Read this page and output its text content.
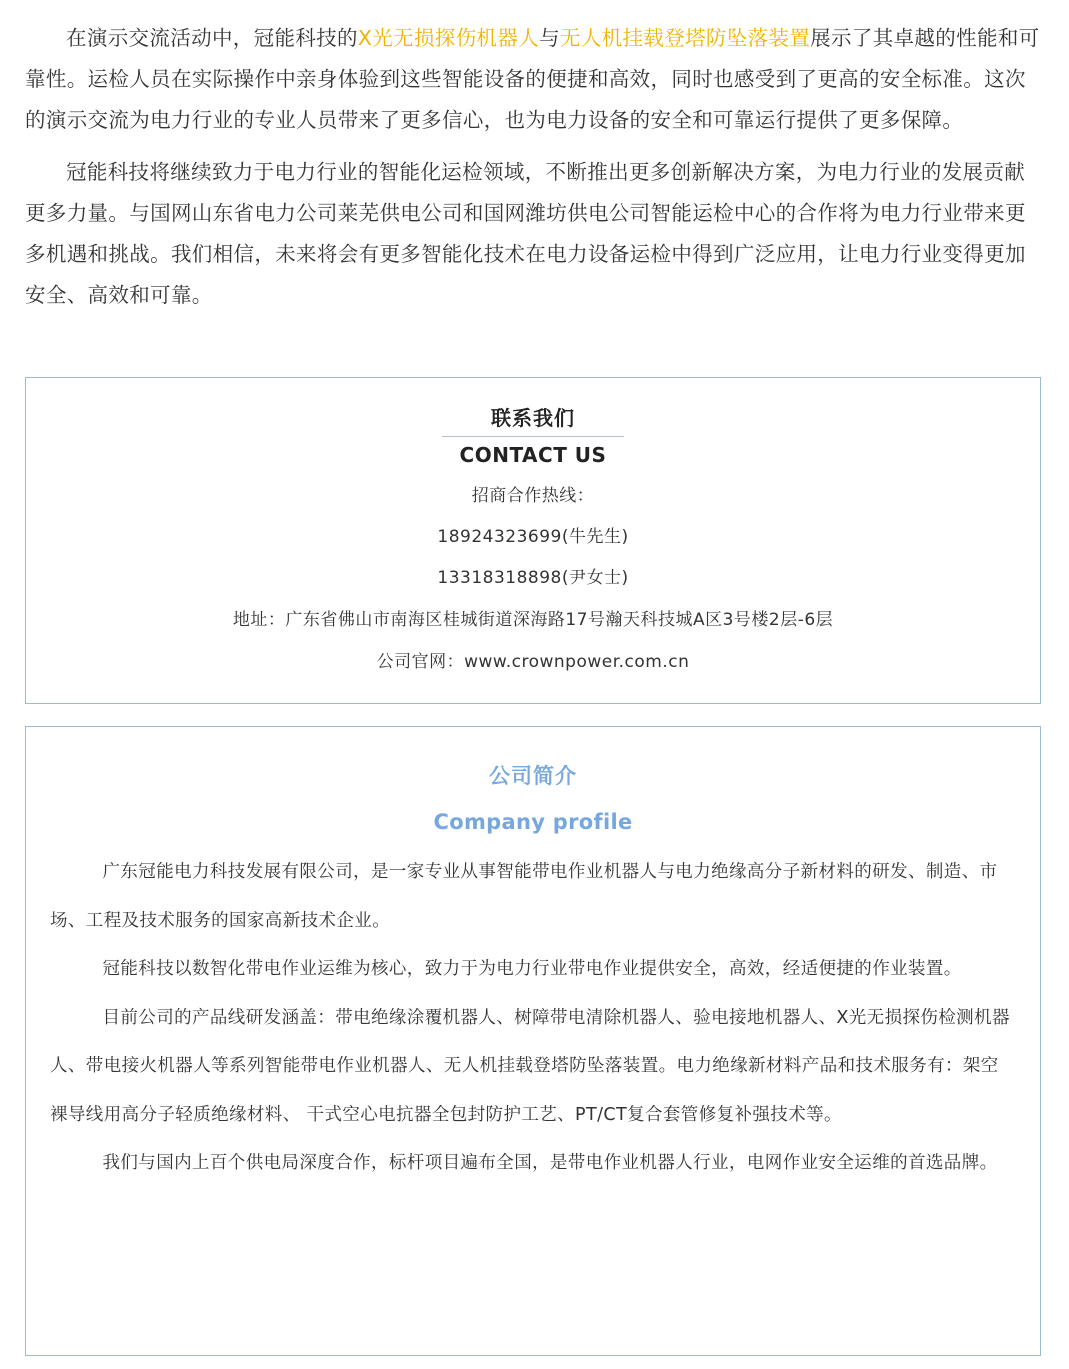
在演示交流活动中，冠能科技的X光无损探伤机器人与无人机挂载登塔防坠落装置展示了其卓越的性能和可靠性。运检人员在实际操作中亲身体验到这些智能设备的便捷和高效，同时也感受到了更高的安全标准。这次的演示交流为电力行业的专业人员带来了更多信心，也为电力设备的安全和可靠运行提供了更多保障。

冠能科技将继续致力于电力行业的智能化运检领域，不断推出更多创新解决方案，为电力行业的发展贡献更多力量。与国网山东省电力公司莱芜供电公司和国网潍坊供电公司智能运检中心的合作将为电力行业带来更多机遇和挑战。我们相信，未来将会有更多智能化技术在电力设备运检中得到广泛应用，让电力行业变得更加安全、高效和可靠。

联系我们
CONTACT US
招商合作热线：
18924323699(牛先生)
13318318898(尹女士)
地址：广东省佛山市南海区桂城街道深海路17号瀚天科技城A区3号楼2层-6层
公司官网：www.crownpower.com.cn
公司简介
Company profile

广东冠能电力科技发展有限公司，是一家专业从事智能带电作业机器人与电力绝缘高分子新材料的研发、制造、市场、工程及技术服务的国家高新技术企业。

冠能科技以数智化带电作业运维为核心，致力于为电力行业带电作业提供安全，高效，经适便捷的作业装置。

目前公司的产品线研发涵盖：带电绝缘涂覆机器人、树障带电清除机器人、验电接地机器人、X光无损探伤检测机器人、带电接火机器人等系列智能带电作业机器人、无人机挂载登塔防坠落装置。电力绝缘新材料产品和技术服务有：架空裸导线用高分子轻质绝缘材料、 干式空心电抗器全包封防护工艺、PT/CT复合套管修复补强技术等。

我们与国内上百个供电局深度合作，标杆项目遍布全国，是带电作业机器人行业，电网作业安全运维的首选品牌。
